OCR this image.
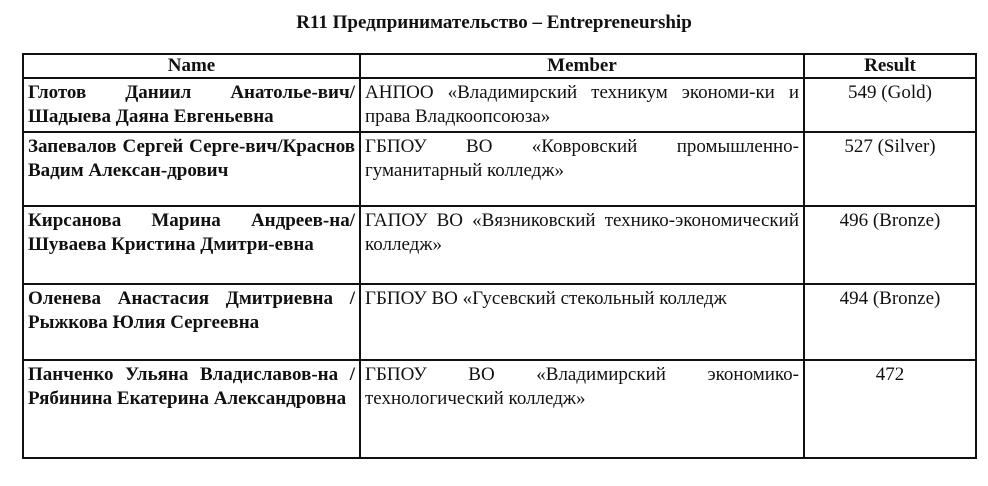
R11 Предпринимательство – Entrepreneurship
Name	Member	Result
Глотов Даниил Анатолье-вич/Шадыева Даяна Евгеньевна	АНПОО «Владимирский техникум экономи-ки и права Владкоопсоюза»	549 (Gold)
Запевалов Сергей Серге-вич/Краснов Вадим Алексан-дрович	ГБПОУ ВО «Ковровский промышленно-гуманитарный колледж»	527 (Silver)
Кирсанова Марина Андреев-на/Шуваева Кристина Дмитри-евна	ГАПОУ ВО «Вязниковский технико-экономический колледж»	496 (Bronze)
Оленева Анастасия Дмитриевна / Рыжкова Юлия Сергеевна	ГБПОУ ВО «Гусевский стекольный колледж	494 (Bronze)
Панченко Ульяна Владиславов-на / Рябинина Екатерина Александровна	ГБПОУ ВО «Владимирский экономико-технологический колледж»	472
